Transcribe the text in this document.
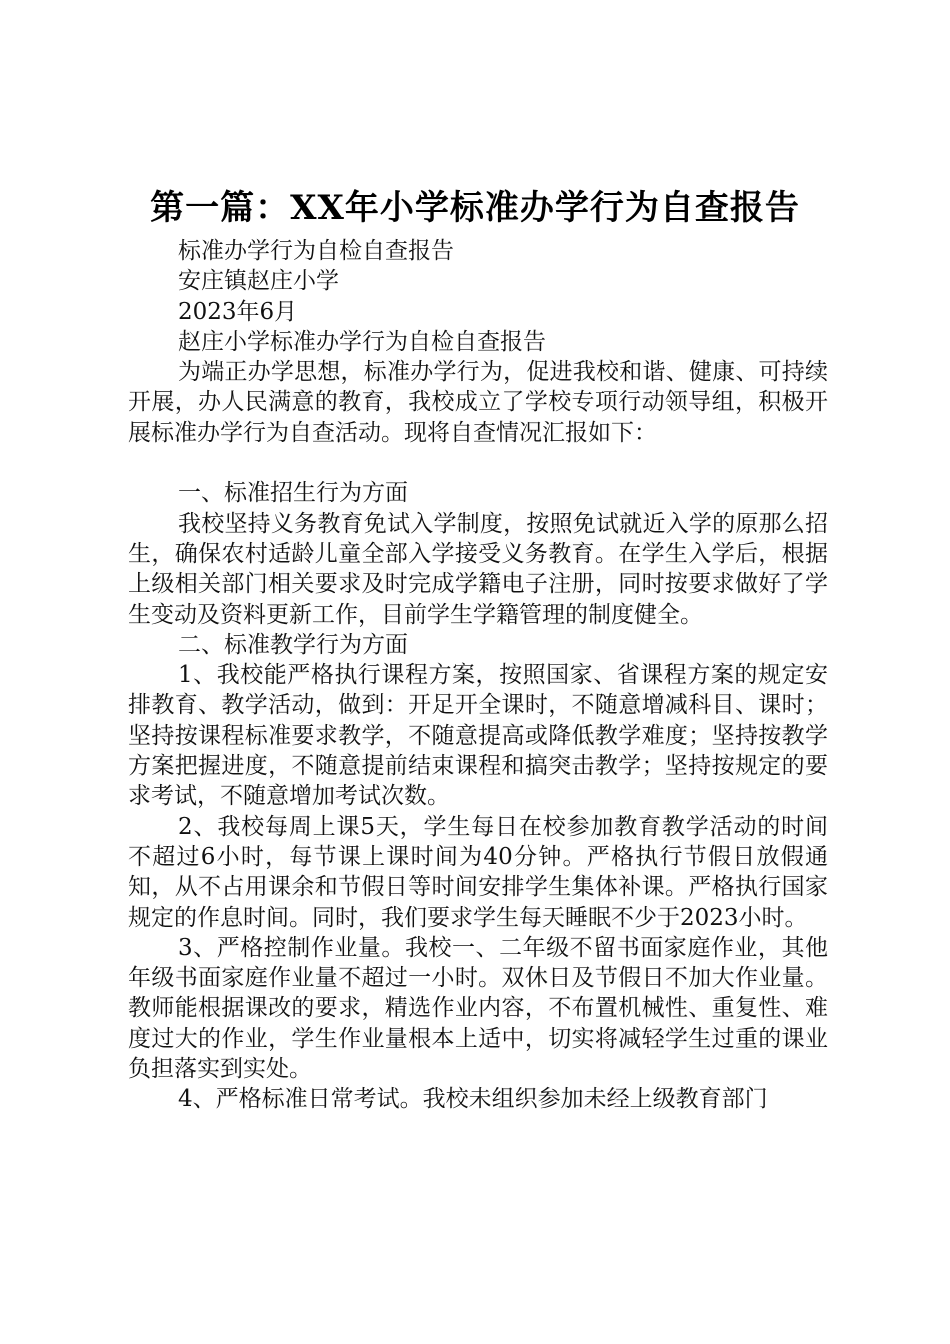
第一篇：XX年小学标准办学行为自查报告

标准办学行为自检自查报告

安庄镇赵庄小学

2023年6月

赵庄小学标准办学行为自检自查报告

为端正办学思想，标准办学行为，促进我校和谐、健康、可持续开展，办人民满意的教育，我校成立了学校专项行动领导组，积极开展标准办学行为自查活动。现将自查情况汇报如下：

一、标准招生行为方面

我校坚持义务教育免试入学制度，按照免试就近入学的原那么招生，确保农村适龄儿童全部入学接受义务教育。在学生入学后，根据上级相关部门相关要求及时完成学籍电子注册，同时按要求做好了学生变动及资料更新工作，目前学生学籍管理的制度健全。

二、标准教学行为方面

1、我校能严格执行课程方案，按照国家、省课程方案的规定安排教育、教学活动，做到：开足开全课时，不随意增减科目、课时；坚持按课程标准要求教学，不随意提高或降低教学难度；坚持按教学方案把握进度，不随意提前结束课程和搞突击教学；坚持按规定的要求考试，不随意增加考试次数。

2、我校每周上课5天，学生每日在校参加教育教学活动的时间不超过6小时，每节课上课时间为40分钟。严格执行节假日放假通知，从不占用课余和节假日等时间安排学生集体补课。严格执行国家规定的作息时间。同时，我们要求学生每天睡眠不少于2023小时。

3、严格控制作业量。我校一、二年级不留书面家庭作业，其他年级书面家庭作业量不超过一小时。双休日及节假日不加大作业量。教师能根据课改的要求，精选作业内容，不布置机械性、重复性、难度过大的作业，学生作业量根本上适中，切实将减轻学生过重的课业负担落实到实处。

4、严格标准日常考试。我校未组织参加未经上级教育部门
